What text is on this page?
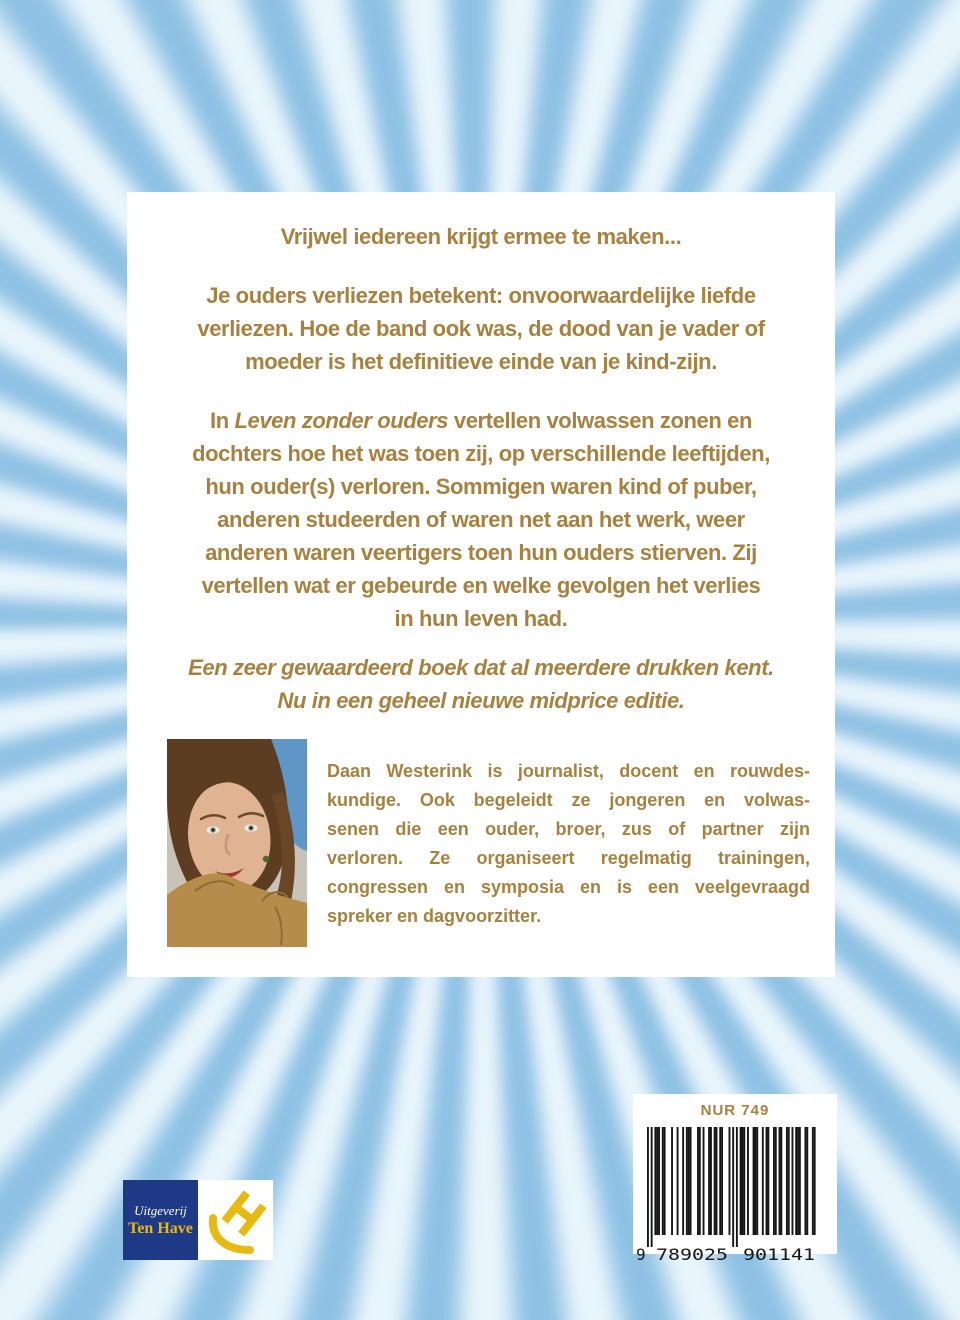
Vrijwel iedereen krijgt ermee te maken...
Je ouders verliezen betekent: onvoorwaardelijke liefde
verliezen. Hoe de band ook was, de dood van je vader of
moeder is het definitieve einde van je kind-zijn.
In Leven zonder ouders vertellen volwassen zonen en
dochters hoe het was toen zij, op verschillende leeftijden,
hun ouder(s) verloren. Sommigen waren kind of puber,
anderen studeerden of waren net aan het werk, weer
anderen waren veertigers toen hun ouders stierven. Zij
vertellen wat er gebeurde en welke gevolgen het verlies
in hun leven had.
Een zeer gewaardeerd boek dat al meerdere drukken kent.
Nu in een geheel nieuwe midprice editie.
Daan Westerink is journalist, docent en rouwdes-
kundige. Ook begeleidt ze jongeren en volwas-
senen die een ouder, broer, zus of partner zijn
verloren. Ze organiseert regelmatig trainingen,
congressen en symposia en is een veelgevraagd
spreker en dagvoorzitter.
Uitgeverij
Ten Have
NUR 749
9 789025 901141
